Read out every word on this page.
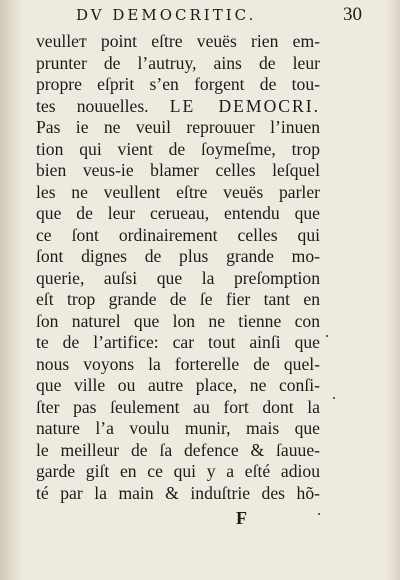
DV DEMOCRITIC.	30
veulleт point eſtre veuës rien em-
prunter de l’autruy, ains de leur
propre eſprit s’en forgent de tou-
tes nouuelles. LE DEMOCRI.
Pas ie ne veuil reprouuer l’inuen
tion qui vient de ſoymeſme, trop
bien veus-ie blamer celles leſquel
les ne veullent eſtre veuës parler
que de leur cerueau, entendu que
ce ſont ordinairement celles qui
ſont dignes de plus grande mo-
querie, auſsi que la preſomption
eſt trop grande de ſe fier tant en
ſon naturel que lon ne tienne con
te de l’artifice: car tout ainſi que
nous voyons la forterelle de quel-
que ville ou autre place, ne conſi-
ſter pas ſeulement au fort dont la
nature l’a voulu munir, mais que
le meilleur de ſa defence & ſauue-
garde giſt en ce qui y a eſté adiou
té par la main & induſtrie des hõ-
F
